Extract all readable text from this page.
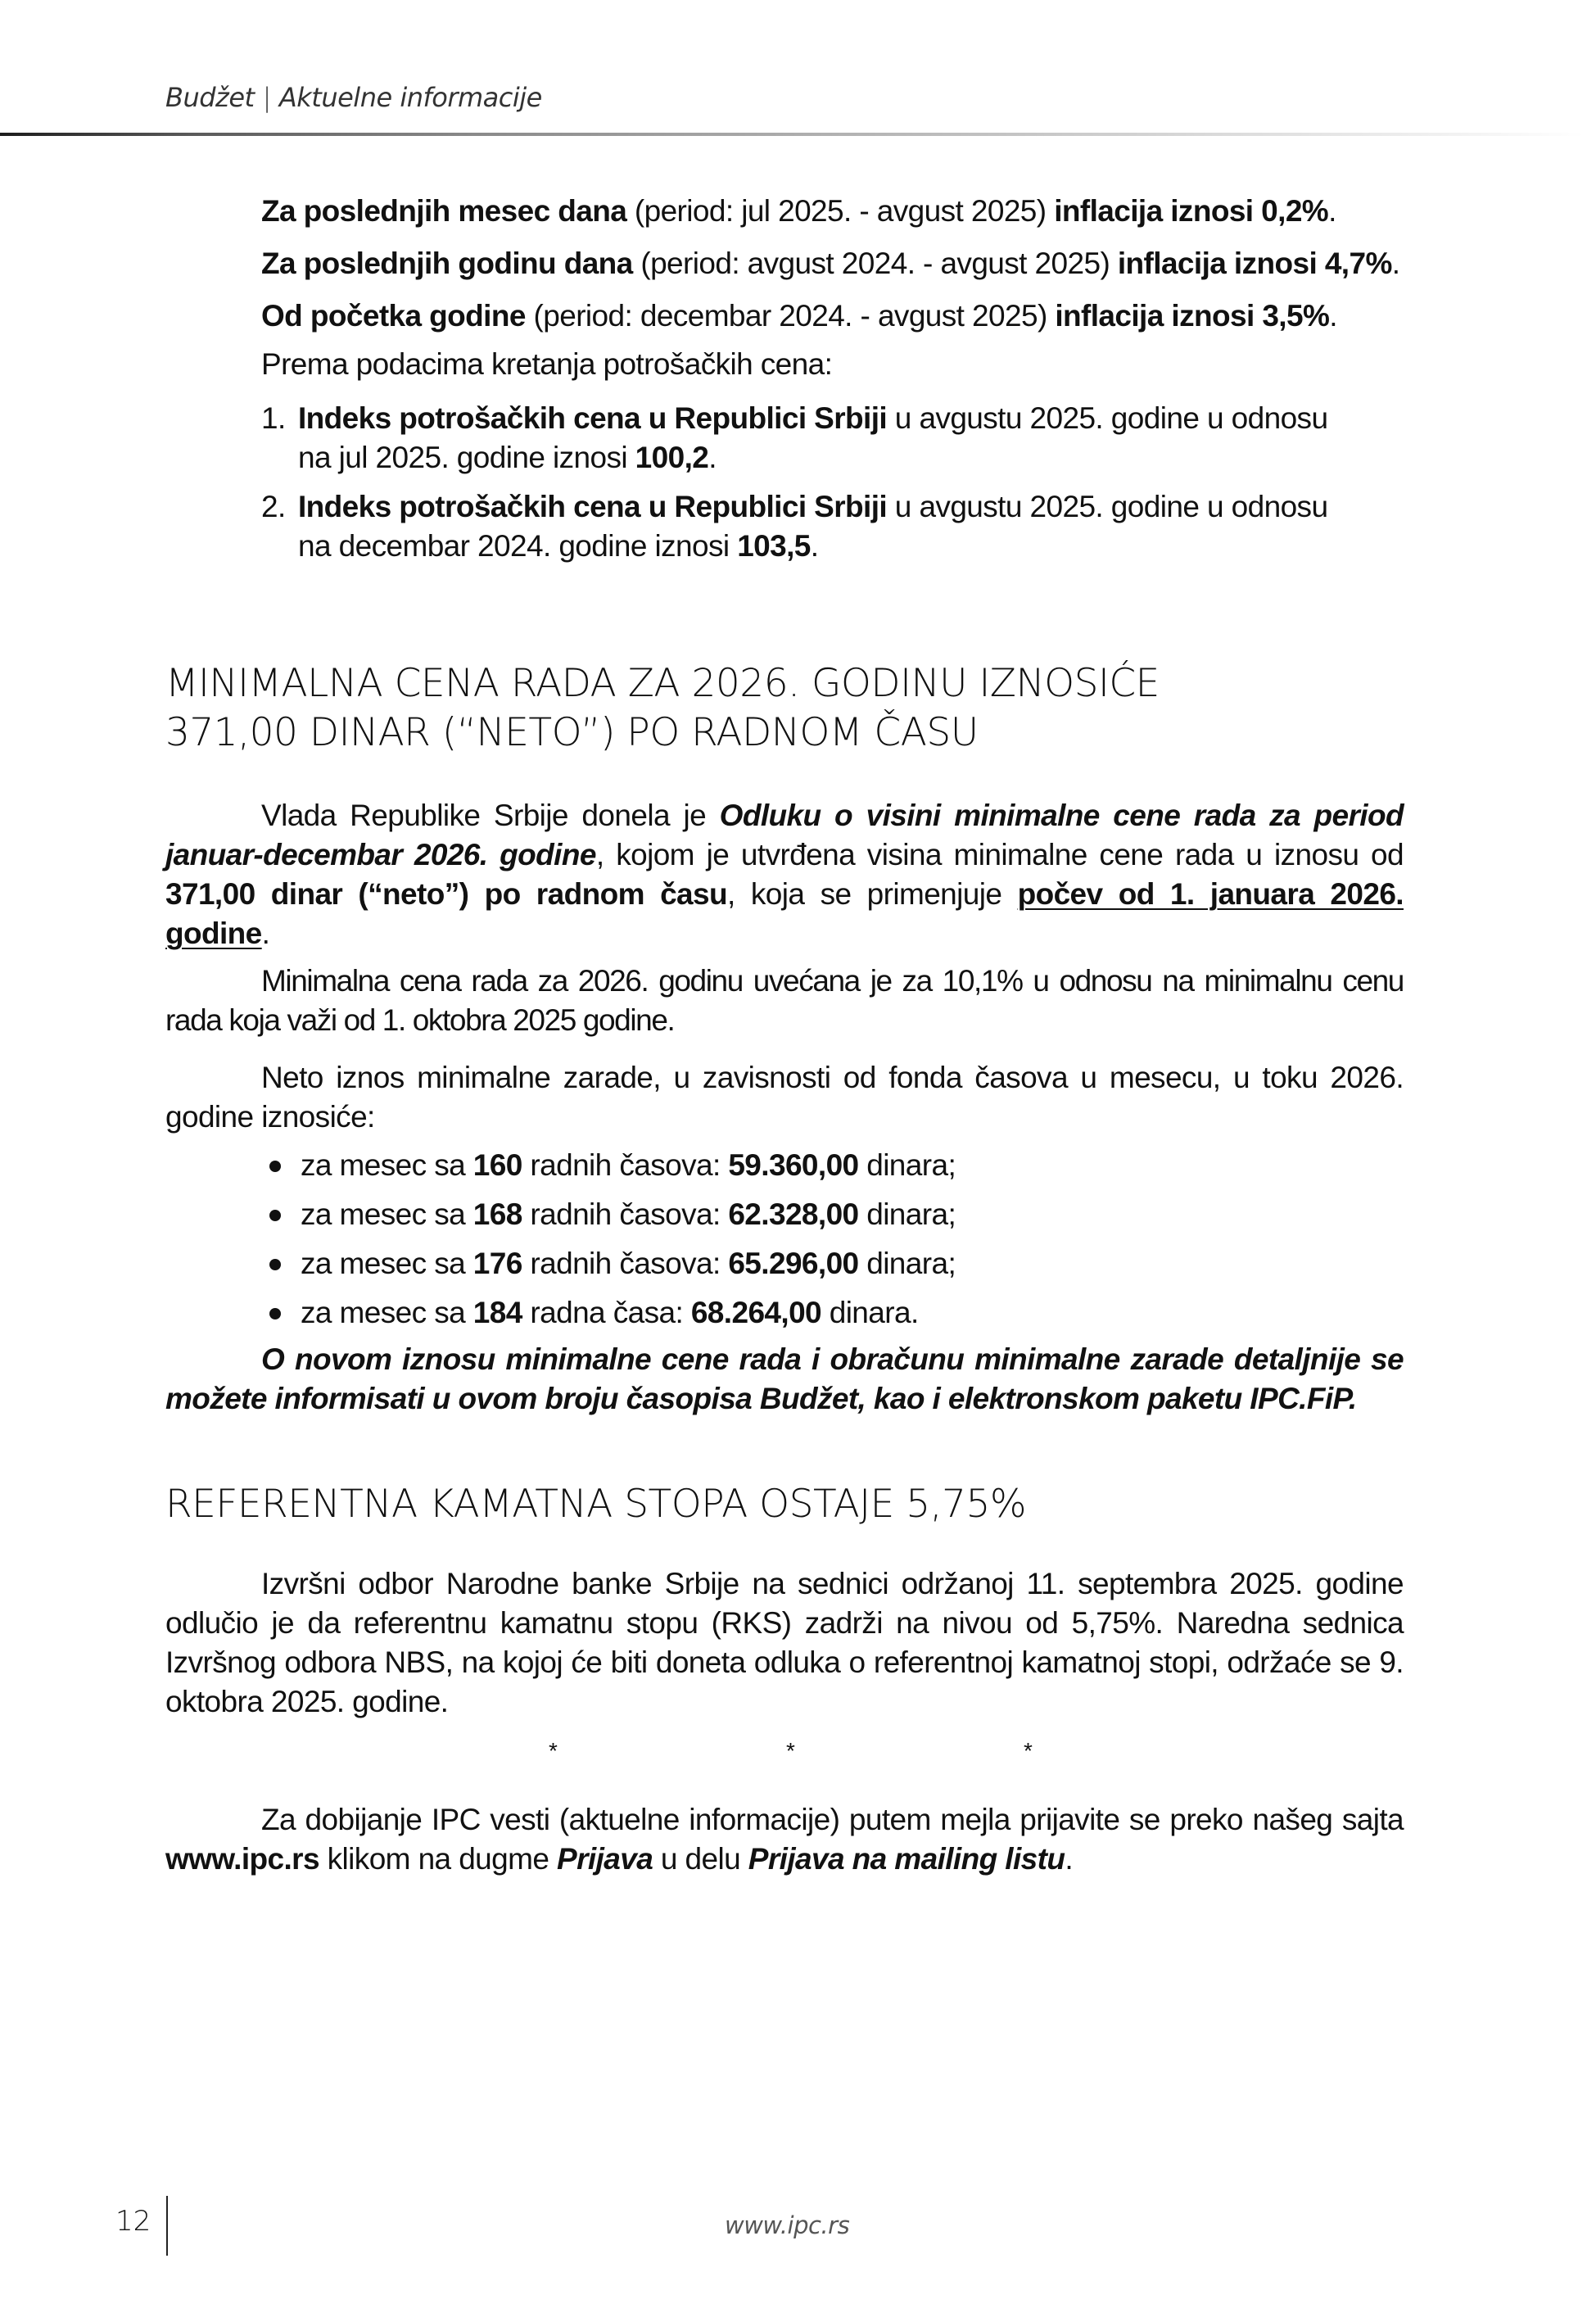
Budžet | Aktuelne informacije
Za poslednjih mesec dana (period: jul 2025. - avgust 2025) inflacija iznosi 0,2%.
Za poslednjih godinu dana (period: avgust 2024. - avgust 2025) inflacija iznosi 4,7%.
Od početka godine (period: decembar 2024. - avgust 2025) inflacija iznosi 3,5%.
Prema podacima kretanja potrošačkih cena:
1. Indeks potrošačkih cena u Republici Srbiji u avgustu 2025. godine u odnosu
na jul 2025. godine iznosi 100,2.
2. Indeks potrošačkih cena u Republici Srbiji u avgustu 2025. godine u odnosu
na decembar 2024. godine iznosi 103,5.
MINIMALNA CENA RADA ZA 2026. GODINU IZNOSIĆE
371,00 DINAR (“NETO”) PO RADNOM ČASU

Vlada Republike Srbije donela je Odluku o visini minimalne cene rada za period januar-decembar 2026. godine, kojom je utvrđena visina minimalne cene rada u iznosu od 371,00 dinar (“neto”) po radnom času, koja se primenjuje počev od 1. januara 2026. godine.

Minimalna cena rada za 2026. godinu uvećana je za 10,1% u odnosu na minimalnu cenu rada koja važi od 1. oktobra 2025 godine.

Neto iznos minimalne zarade, u zavisnosti od fonda časova u mesecu, u toku 2026. godine iznosiće:

za mesec sa 160 radnih časova: 59.360,00 dinara;
za mesec sa 168 radnih časova: 62.328,00 dinara;
za mesec sa 176 radnih časova: 65.296,00 dinara;
za mesec sa 184 radna časa: 68.264,00 dinara.

O novom iznosu minimalne cene rada i obračunu minimalne zarade detaljnije se možete informisati u ovom broju časopisa Budžet, kao i elektronskom paketu IPC.FiP.

REFERENTNA KAMATNA STOPA OSTAJE 5,75%

Izvršni odbor Narodne banke Srbije na sednici održanoj 11. septembra 2025. godine odlučio je da referentnu kamatnu stopu (RKS) zadrži na nivou od 5,75%. Naredna sednica Izvršnog odbora NBS, na kojoj će biti doneta odluka o referentnoj kamatnoj stopi, održaće se 9. oktobra 2025. godine.

*	*	*

Za dobijanje IPC vesti (aktuelne informacije) putem mejla prijavite se preko našeg sajta www.ipc.rs klikom na dugme Prijava u delu Prijava na mailing listu.

12	www.ipc.rs
